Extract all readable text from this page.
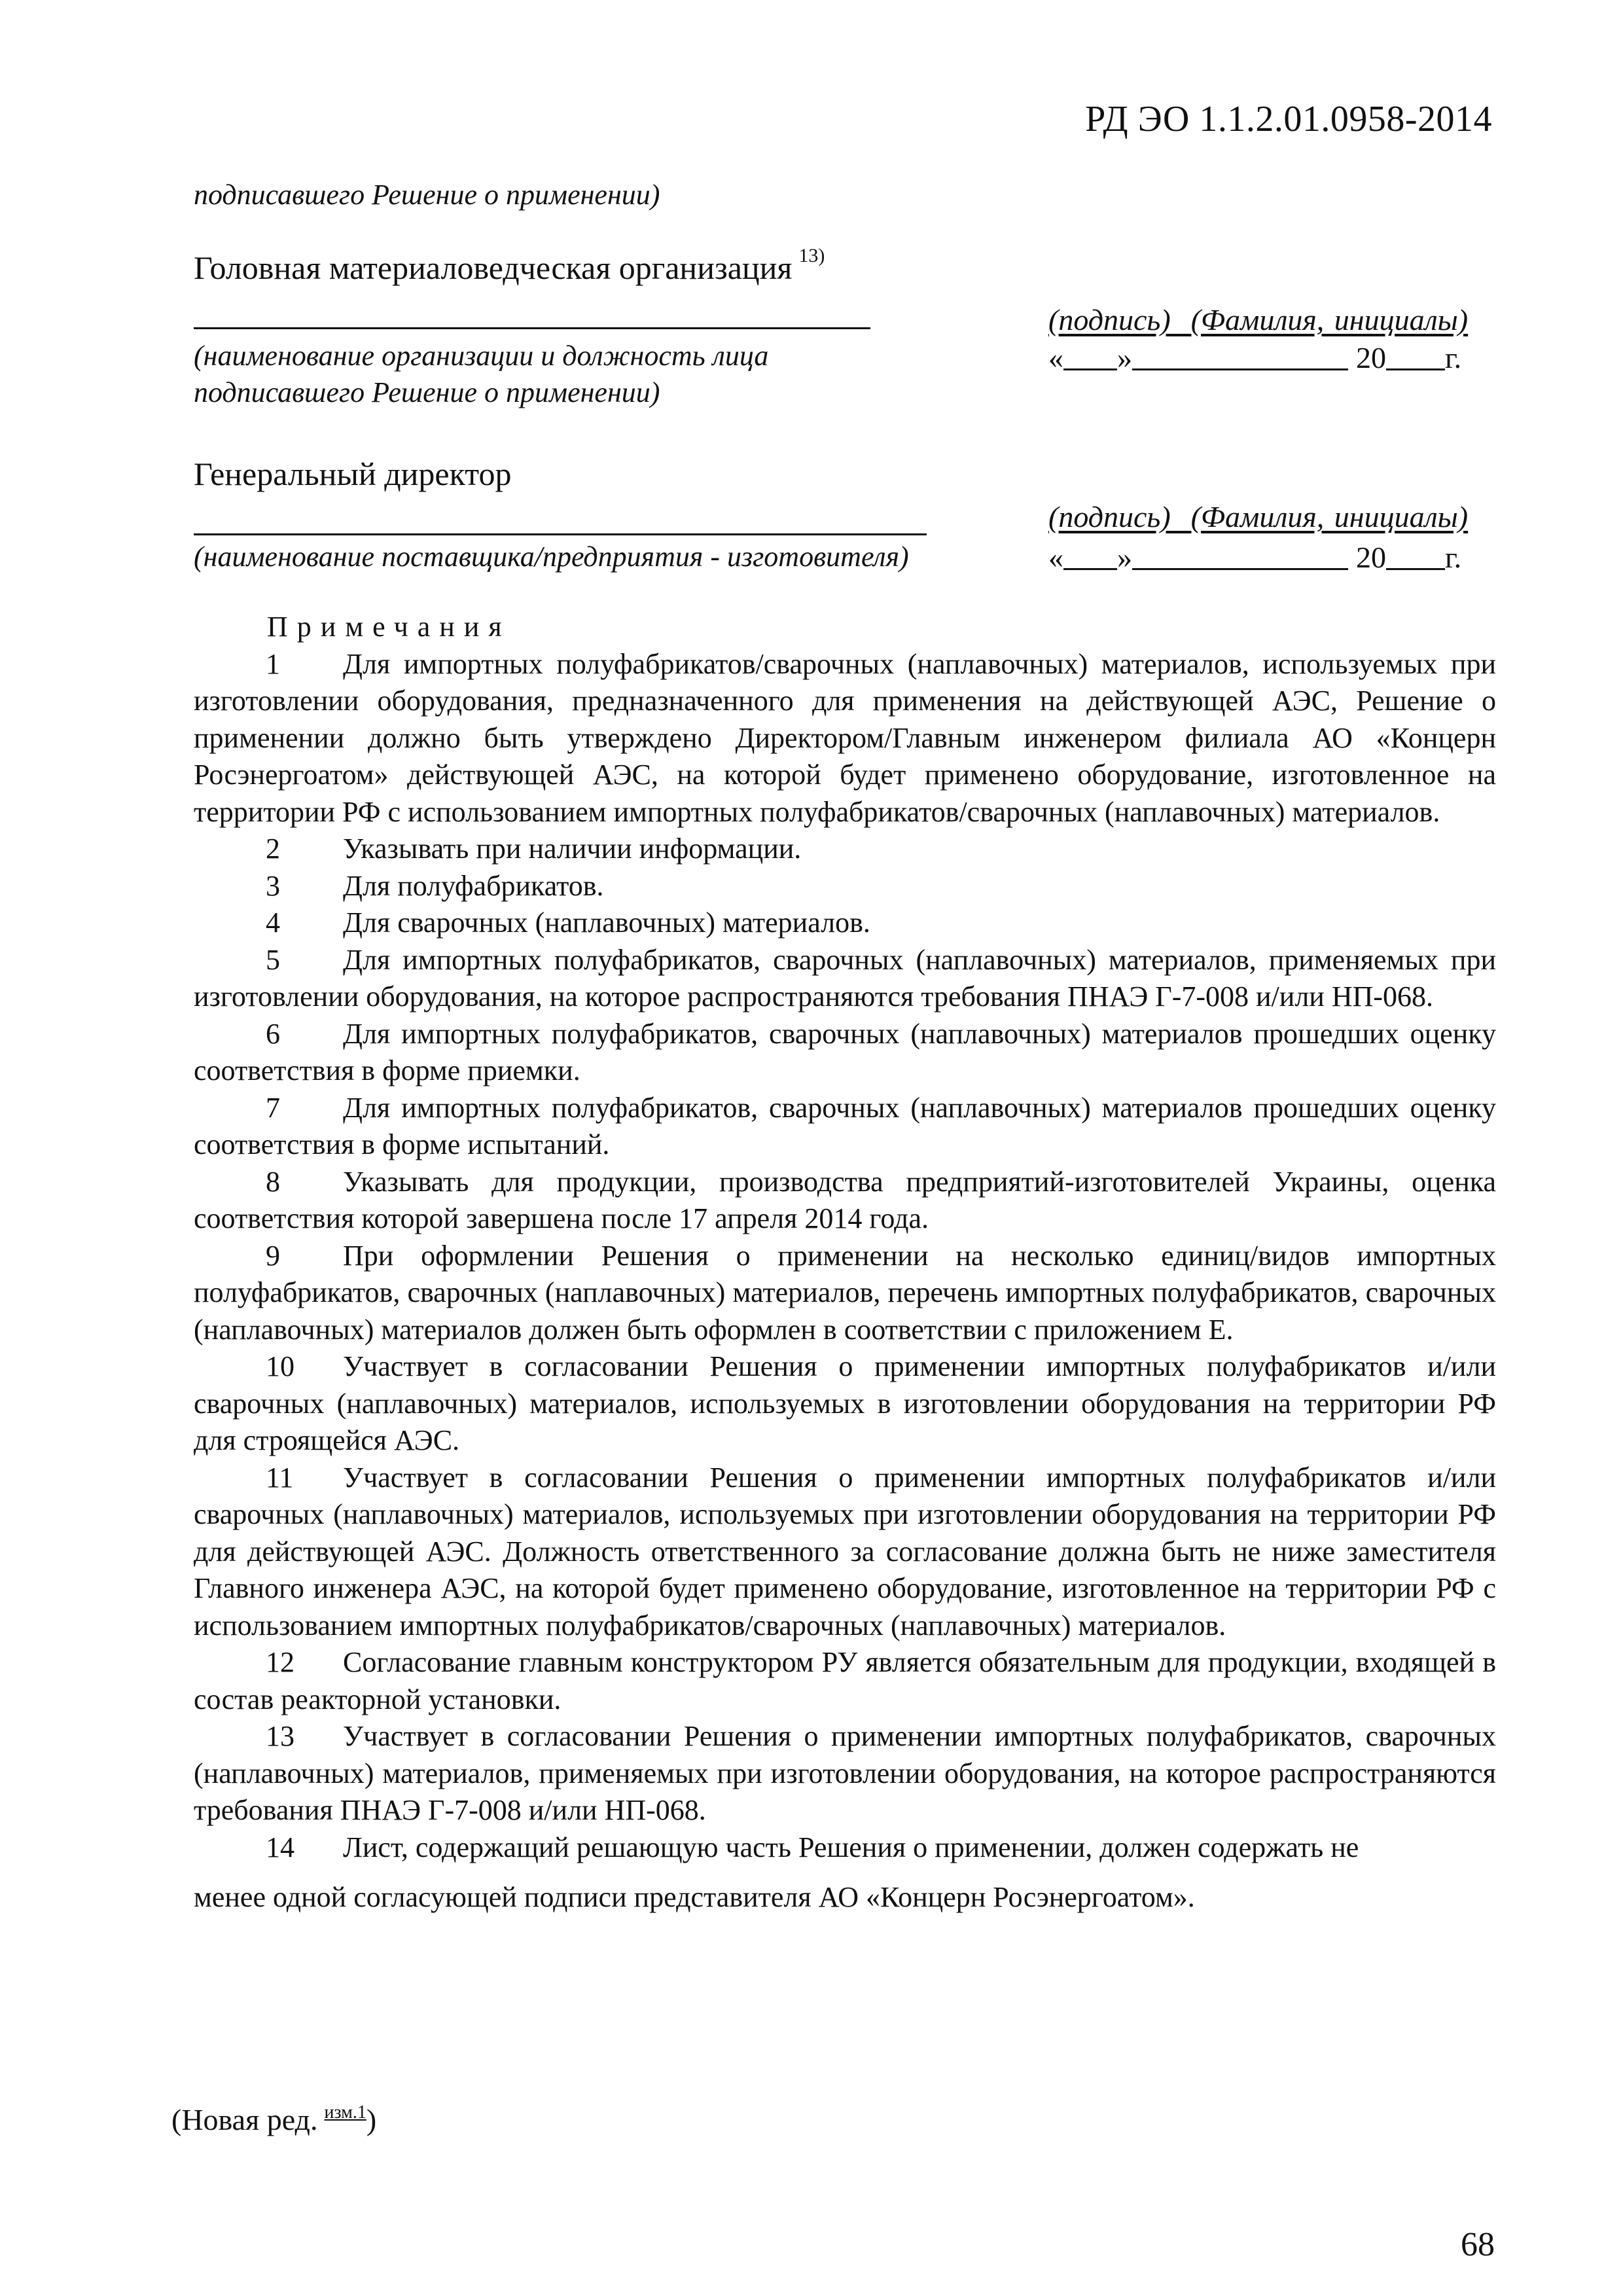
РД ЭО 1.1.2.01.0958-2014
подписавшего Решение о применении)
Головная материаловедческая организация $^{13)}$
(наименование организации и должность лица
подписавшего Решение о применении)
(подпись)  (Фамилия, инициалы)
« »	20 г.
Генеральный директор
(наименование поставщика/предприятия - изготовителя)
(подпись)  (Фамилия, инициалы)
« »	20 г.
Примечания

1 Для импортных полуфабрикатов/сварочных (наплавочных) материалов, используемых при изготовлении оборудования, предназначенного для применения на действующей АЭС, Решение о применении должно быть утверждено Директором/Главным инженером филиала АО «Концерн Росэнергоатом» действующей АЭС, на которой будет применено оборудование, изготовленное на территории РФ с использованием импортных полуфабрикатов/сварочных (наплавочных) материалов.

2 Указывать при наличии информации.

3 Для полуфабрикатов.

4 Для сварочных (наплавочных) материалов.

5 Для импортных полуфабрикатов, сварочных (наплавочных) материалов, применяемых при изготовлении оборудования, на которое распространяются требования ПНАЭ Г-7-008 и/или НП-068.

6 Для импортных полуфабрикатов, сварочных (наплавочных) материалов прошедших оценку соответствия в форме приемки.

7 Для импортных полуфабрикатов, сварочных (наплавочных) материалов прошедших оценку соответствия в форме испытаний.

8 Указывать для продукции, производства предприятий-изготовителей Украины, оценка соответствия которой завершена после 17 апреля 2014 года.

9 При оформлении Решения о применении на несколько единиц/видов импортных полуфабрикатов, сварочных (наплавочных) материалов, перечень импортных полуфабрикатов, сварочных (наплавочных) материалов должен быть оформлен в соответствии с приложением Е.

10 Участвует в согласовании Решения о применении импортных полуфабрикатов и/или сварочных (наплавочных) материалов, используемых в изготовлении оборудования на территории РФ для строящейся АЭС.

11 Участвует в согласовании Решения о применении импортных полуфабрикатов и/или сварочных (наплавочных) материалов, используемых при изготовлении оборудования на территории РФ для действующей АЭС. Должность ответственного за согласование должна быть не ниже заместителя Главного инженера АЭС, на которой будет применено оборудование, изготовленное на территории РФ с использованием импортных полуфабрикатов/сварочных (наплавочных) материалов.

12 Согласование главным конструктором РУ является обязательным для продукции, входящей в состав реакторной установки.

13 Участвует в согласовании Решения о применении импортных полуфабрикатов, сварочных (наплавочных) материалов, применяемых при изготовлении оборудования, на которое распространяются требования ПНАЭ Г-7-008 и/или НП-068.

14 Лист, содержащий решающую часть Решения о применении, должен содержать не

менее одной согласующей подписи представителя АО «Концерн Росэнергоатом».
(Новая ред. $^{изм.1}$)
68
